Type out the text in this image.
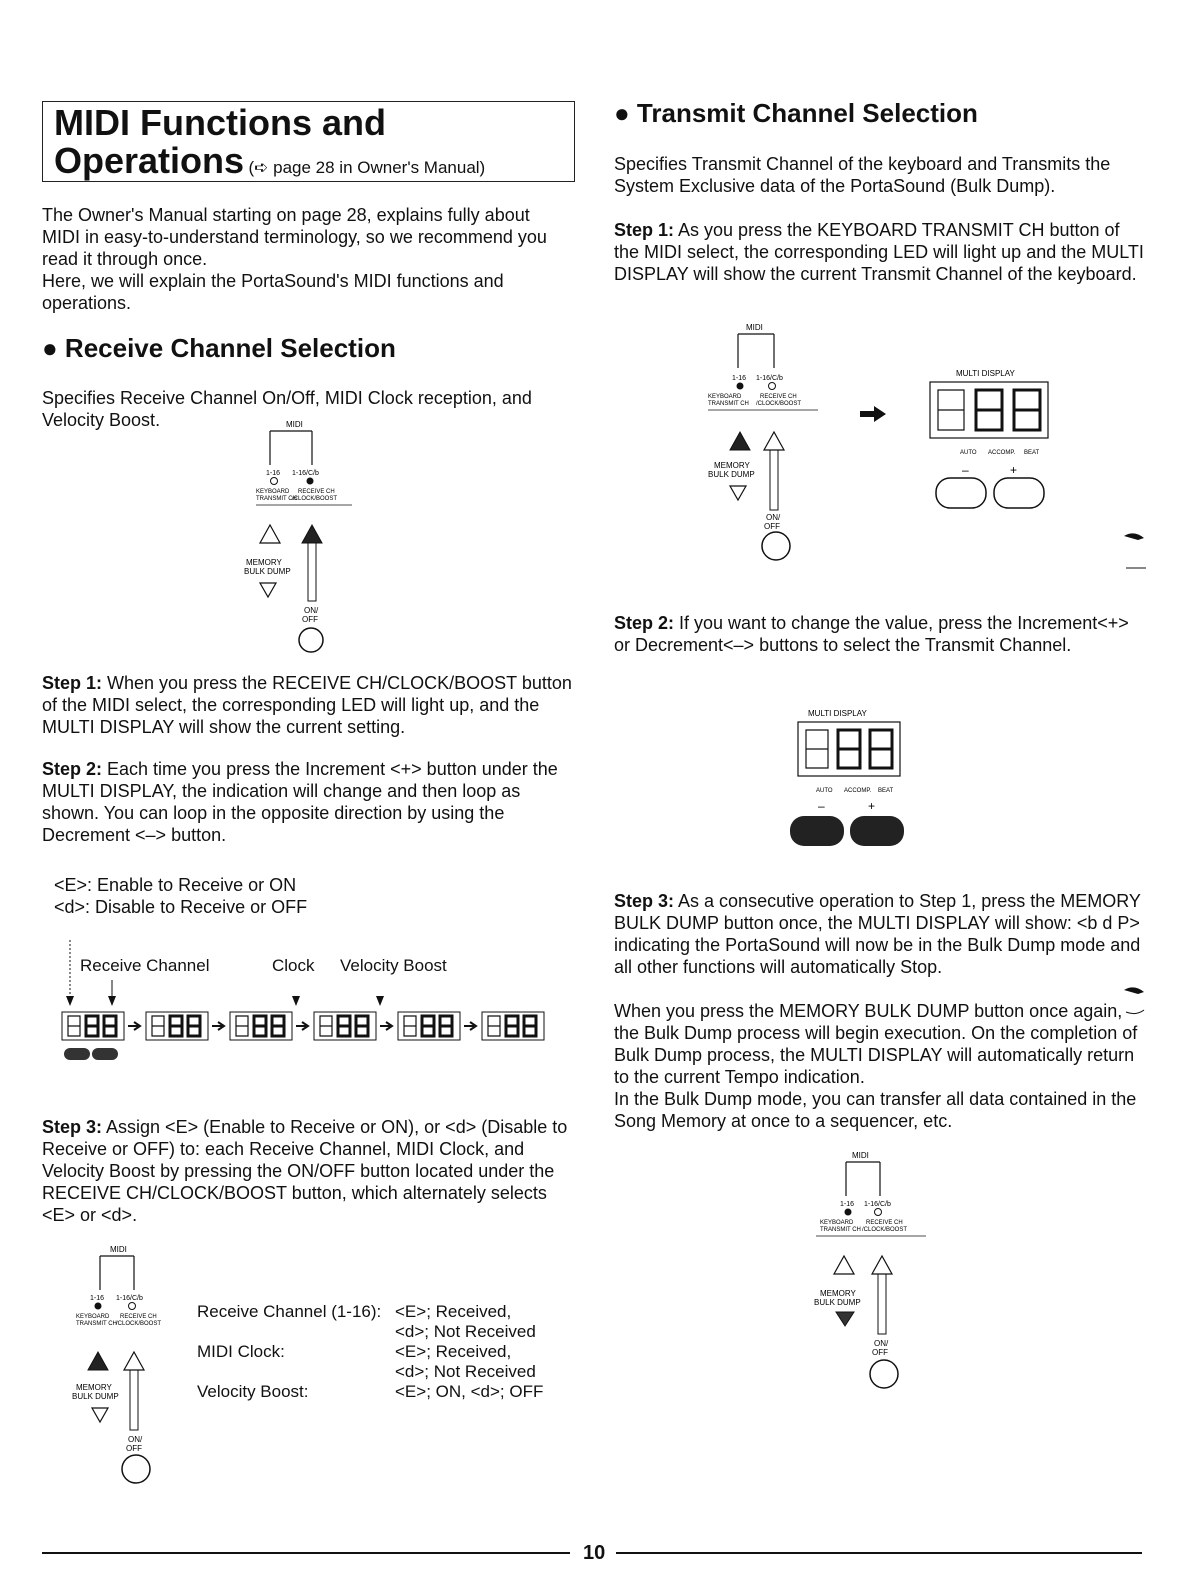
MIDI Functions and
Operations (➪ page 28 in Owner's Manual)

The Owner's Manual starting on page 28, explains fully about MIDI in easy-to-understand terminology, so we recommend you read it through once.

Here, we will explain the PortaSound's MIDI functions and operations.

● Receive Channel Selection

Specifies Receive Channel On/Off, MIDI Clock reception, and Velocity Boost.	MIDI
1-16 1-16/C/b
KEYBOARD RECEIVE CH
TRANSMIT CH
/CLOCK/BOOST
MEMORY
BULK DUMP
ON/
OFF

Step 1: When you press the RECEIVE CH/CLOCK/BOOST button of the MIDI select, the corresponding LED will light up, and the MULTI DISPLAY will show the current setting.

Step 2: Each time you press the Increment <+> button under the MULTI DISPLAY, the indication will change and then loop as shown. You can loop in the opposite direction by using the Decrement <–> button.

<E>: Enable to Receive or ON

<d>: Disable to Receive or OFF

Receive Channel	Clock Velocity Boost

Step 3: Assign <E> (Enable to Receive or ON), or <d> (Disable to Receive or OFF) to: each Receive Channel, MIDI Clock, and Velocity Boost by pressing the ON/OFF button located under the RECEIVE CH/CLOCK/BOOST button, which alternately selects <E> or <d>.

MIDI
1-16 1-16/C/b
KEYBOARD RECEIVE CH
TRANSMIT CH /CLOCK/BOOST
MEMORY
BULK DUMP
ON/
OFF
Receive Channel (1-16): <E>; Received,
<d>; Not Received
MIDI Clock:	<E>; Received,
<d>; Not Received
Velocity Boost:	<E>; ON, <d>; OFF
● Transmit Channel Selection

Specifies Transmit Channel of the keyboard and Transmits the System Exclusive data of the PortaSound (Bulk Dump).

Step 1: As you press the KEYBOARD TRANSMIT CH button of the MIDI select, the corresponding LED will light up and the MULTI DISPLAY will show the current Transmit Channel of the keyboard.

MIDI
1-16 1-16/C/b
KEYBOARD	RECEIVE CH
TRANSMIT CH /CLOCK/BOOST
MEMORY
BULK DUMP
ON/
OFF
MULTI DISPLAY
AUTO ACCOMP. BEAT
–	+

Step 2: If you want to change the value, press the Increment<+> or Decrement<–> buttons to select the Transmit Channel.

MULTI DISPLAY
AUTO ACCOMP. BEAT
–	+

Step 3: As a consecutive operation to Step 1, press the MEMORY BULK DUMP button once, the MULTI DISPLAY will show: <b d P> indicating the PortaSound will now be in the Bulk Dump mode and all other functions will automatically Stop.

When you press the MEMORY BULK DUMP button once again, the Bulk Dump process will begin execution. On the completion of Bulk Dump process, the MULTI DISPLAY will automatically return to the current Tempo indication.

In the Bulk Dump mode, you can transfer all data contained in the Song Memory at once to a sequencer, etc.

MIDI
1-16 1-16/C/b
KEYBOARD RECEIVE CH
TRANSMIT CH /CLOCK/BOOST
MEMORY
BULK DUMP
ON/
OFF
10
